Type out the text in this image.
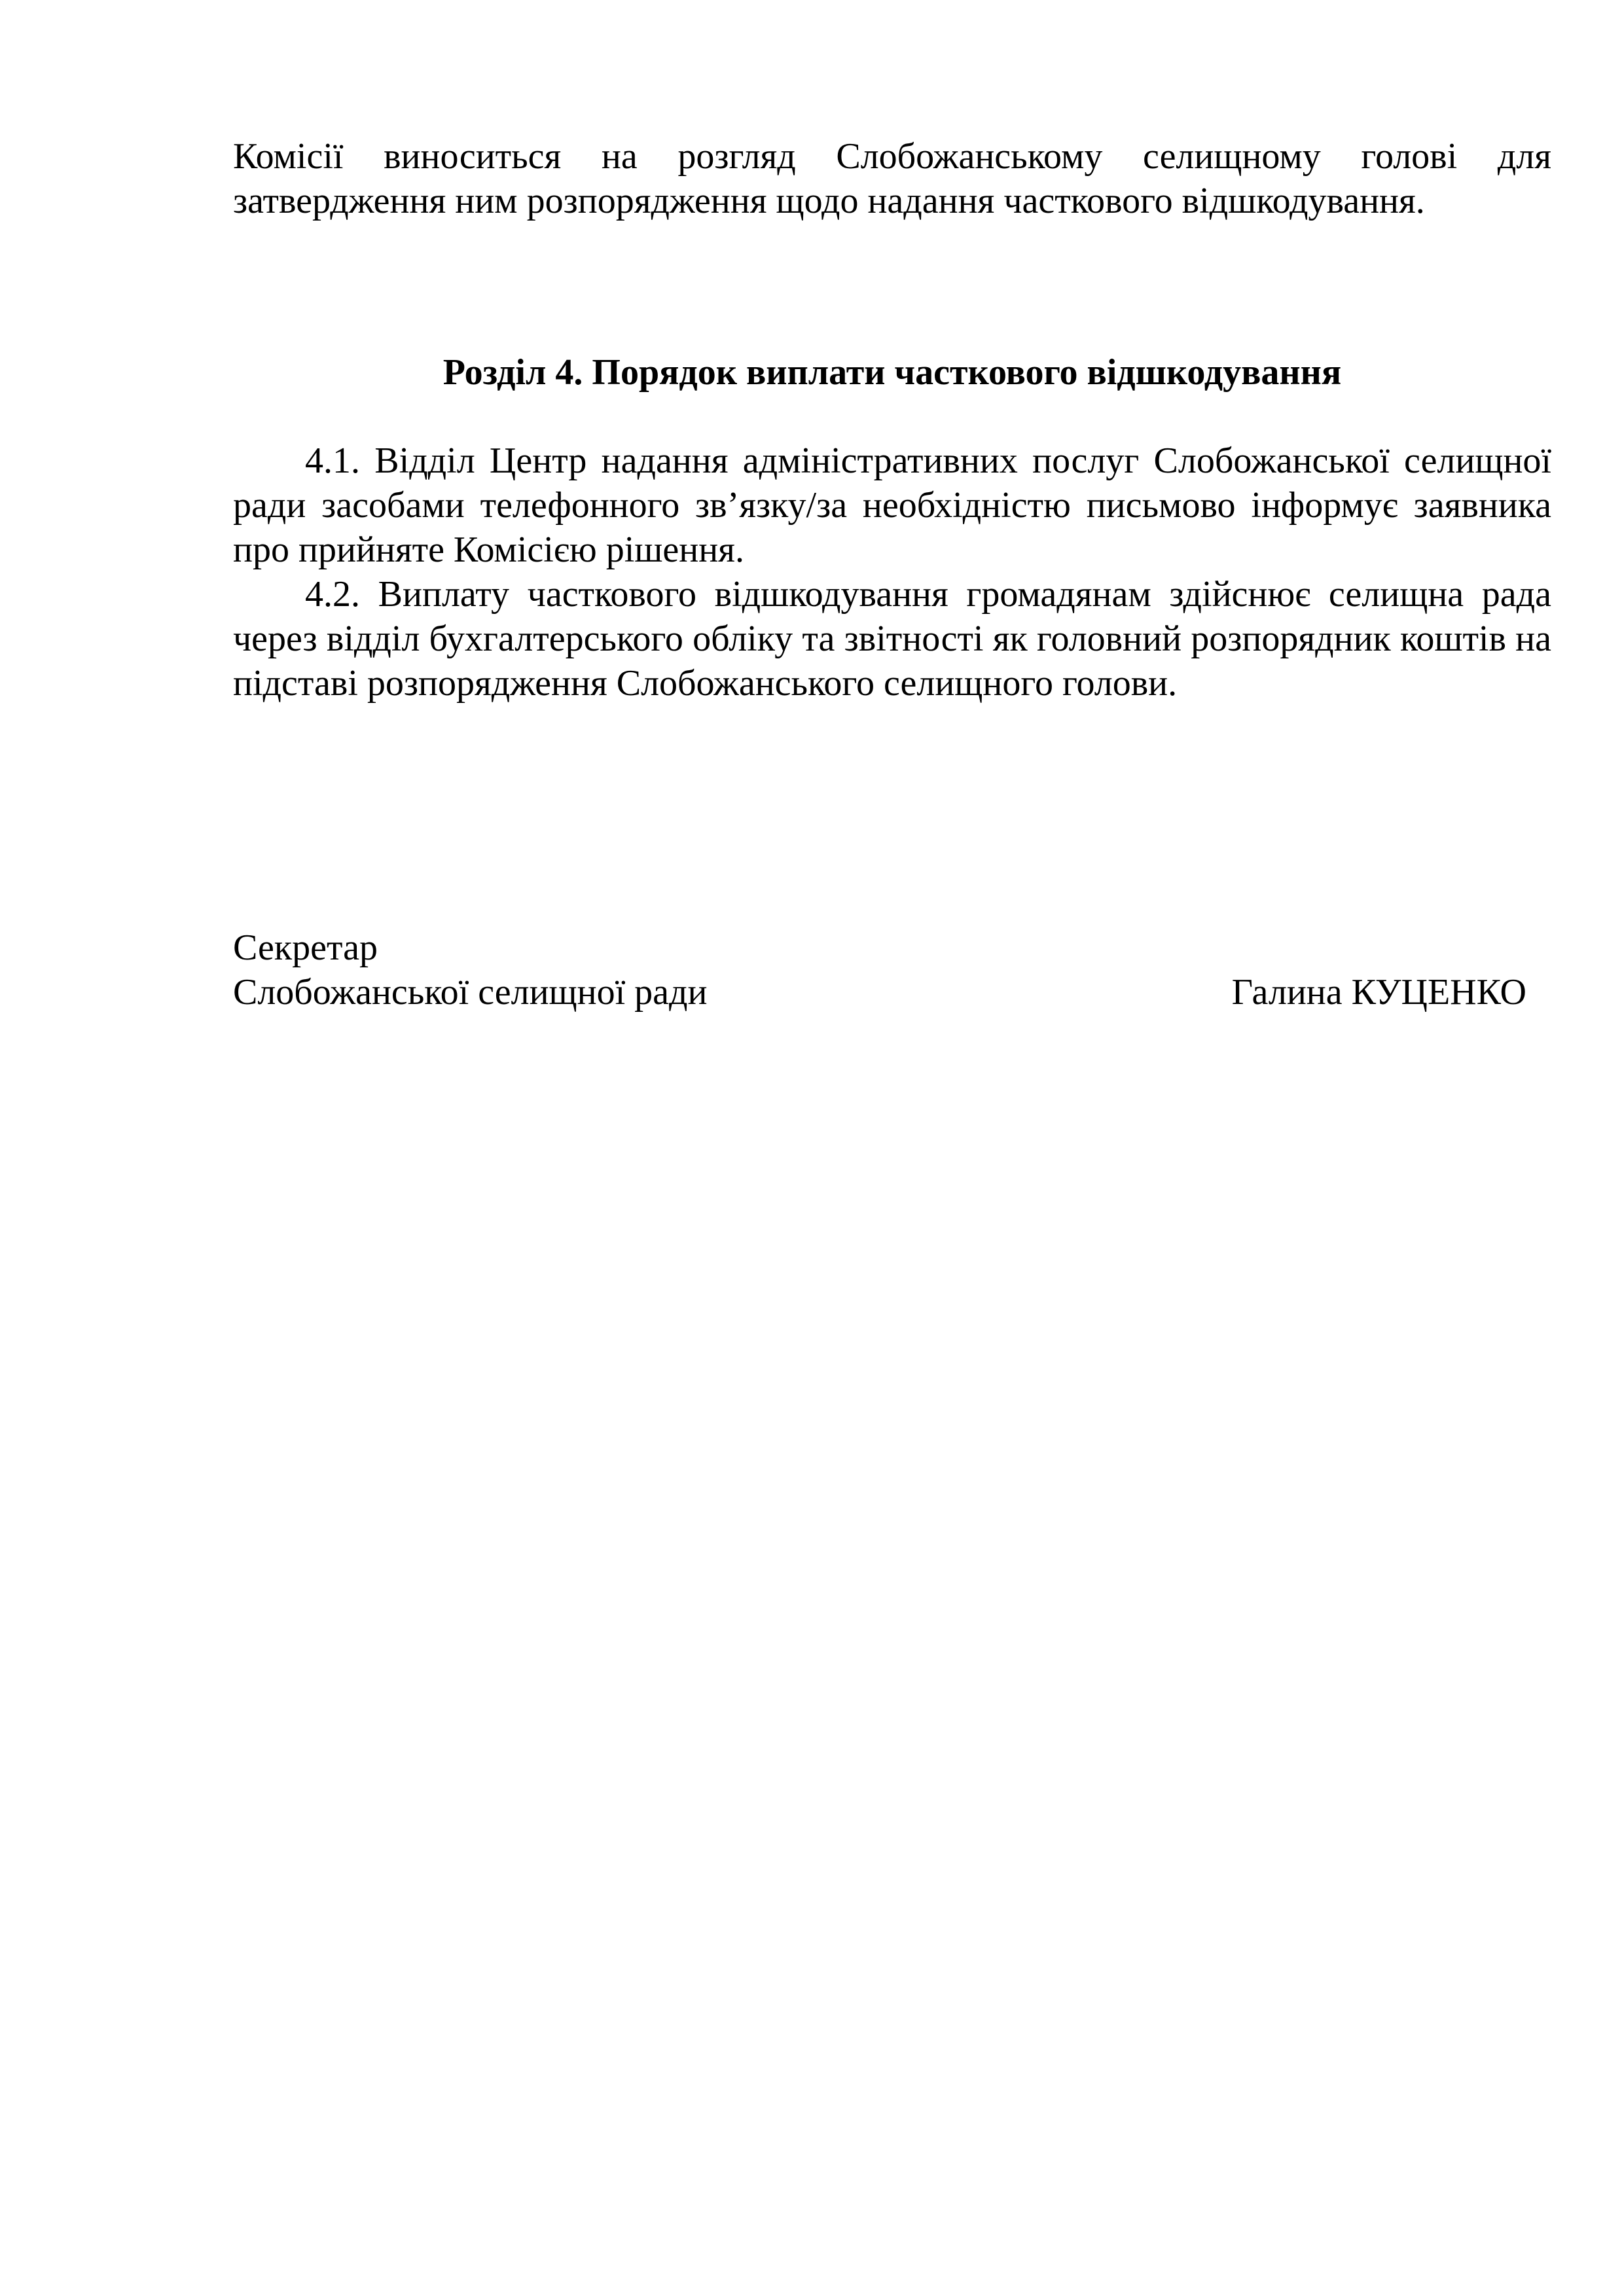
Комісії виноситься на розгляд Слобожанському селищному голові для затвердження ним розпорядження щодо надання часткового відшкодування.

Розділ 4. Порядок виплати часткового відшкодування

4.1. Відділ Центр надання адміністративних послуг Слобожанської селищної ради засобами телефонного зв’язку/за необхідністю письмово інформує заявника про прийняте Комісією рішення.

4.2. Виплату часткового відшкодування громадянам здійснює селищна рада через відділ бухгалтерського обліку та звітності як головний розпорядник коштів на підставі розпорядження Слобожанського селищного голови.

Секретар
Слобожанської селищної ради	Галина КУЦЕНКО
